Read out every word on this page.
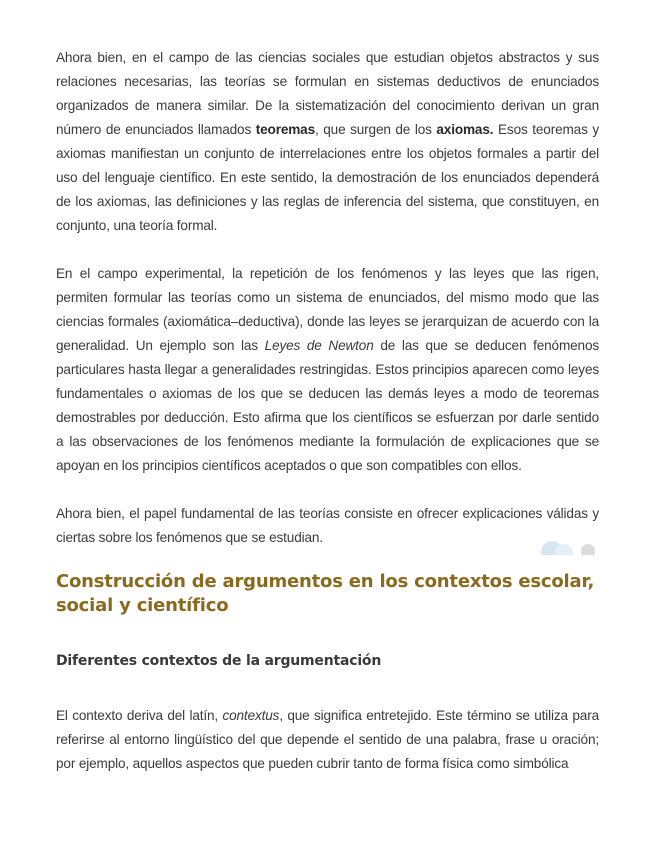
Ahora bien, en el campo de las ciencias sociales que estudian objetos abstractos y sus relaciones necesarias, las teorías se formulan en sistemas deductivos de enunciados organizados de manera similar. De la sistematización del conocimiento derivan un gran número de enunciados llamados teoremas, que surgen de los axiomas. Esos teoremas y axiomas manifiestan un conjunto de interrelaciones entre los objetos formales a partir del uso del lenguaje científico. En este sentido, la demostración de los enunciados dependerá de los axiomas, las definiciones y las reglas de inferencia del sistema, que constituyen, en conjunto, una teoría formal.

En el campo experimental, la repetición de los fenómenos y las leyes que las rigen, permiten formular las teorías como un sistema de enunciados, del mismo modo que las ciencias formales (axiomática–deductiva), donde las leyes se jerarquizan de acuerdo con la generalidad. Un ejemplo son las Leyes de Newton de las que se deducen fenómenos particulares hasta llegar a generalidades restringidas. Estos principios aparecen como leyes fundamentales o axiomas de los que se deducen las demás leyes a modo de teoremas demostrables por deducción. Esto afirma que los científicos se esfuerzan por darle sentido a las observaciones de los fenómenos mediante la formulación de explicaciones que se apoyan en los principios científicos aceptados o que son compatibles con ellos.

Ahora bien, el papel fundamental de las teorías consiste en ofrecer explicaciones válidas y ciertas sobre los fenómenos que se estudian.

Construcción de argumentos en los contextos escolar, social y científico
Diferentes contextos de la argumentación

El contexto deriva del latín, contextus, que significa entretejido. Este término se utiliza para referirse al entorno lingüístico del que depende el sentido de una palabra, frase u oración; por ejemplo, aquellos aspectos que pueden cubrir tanto de forma física como simbólica
